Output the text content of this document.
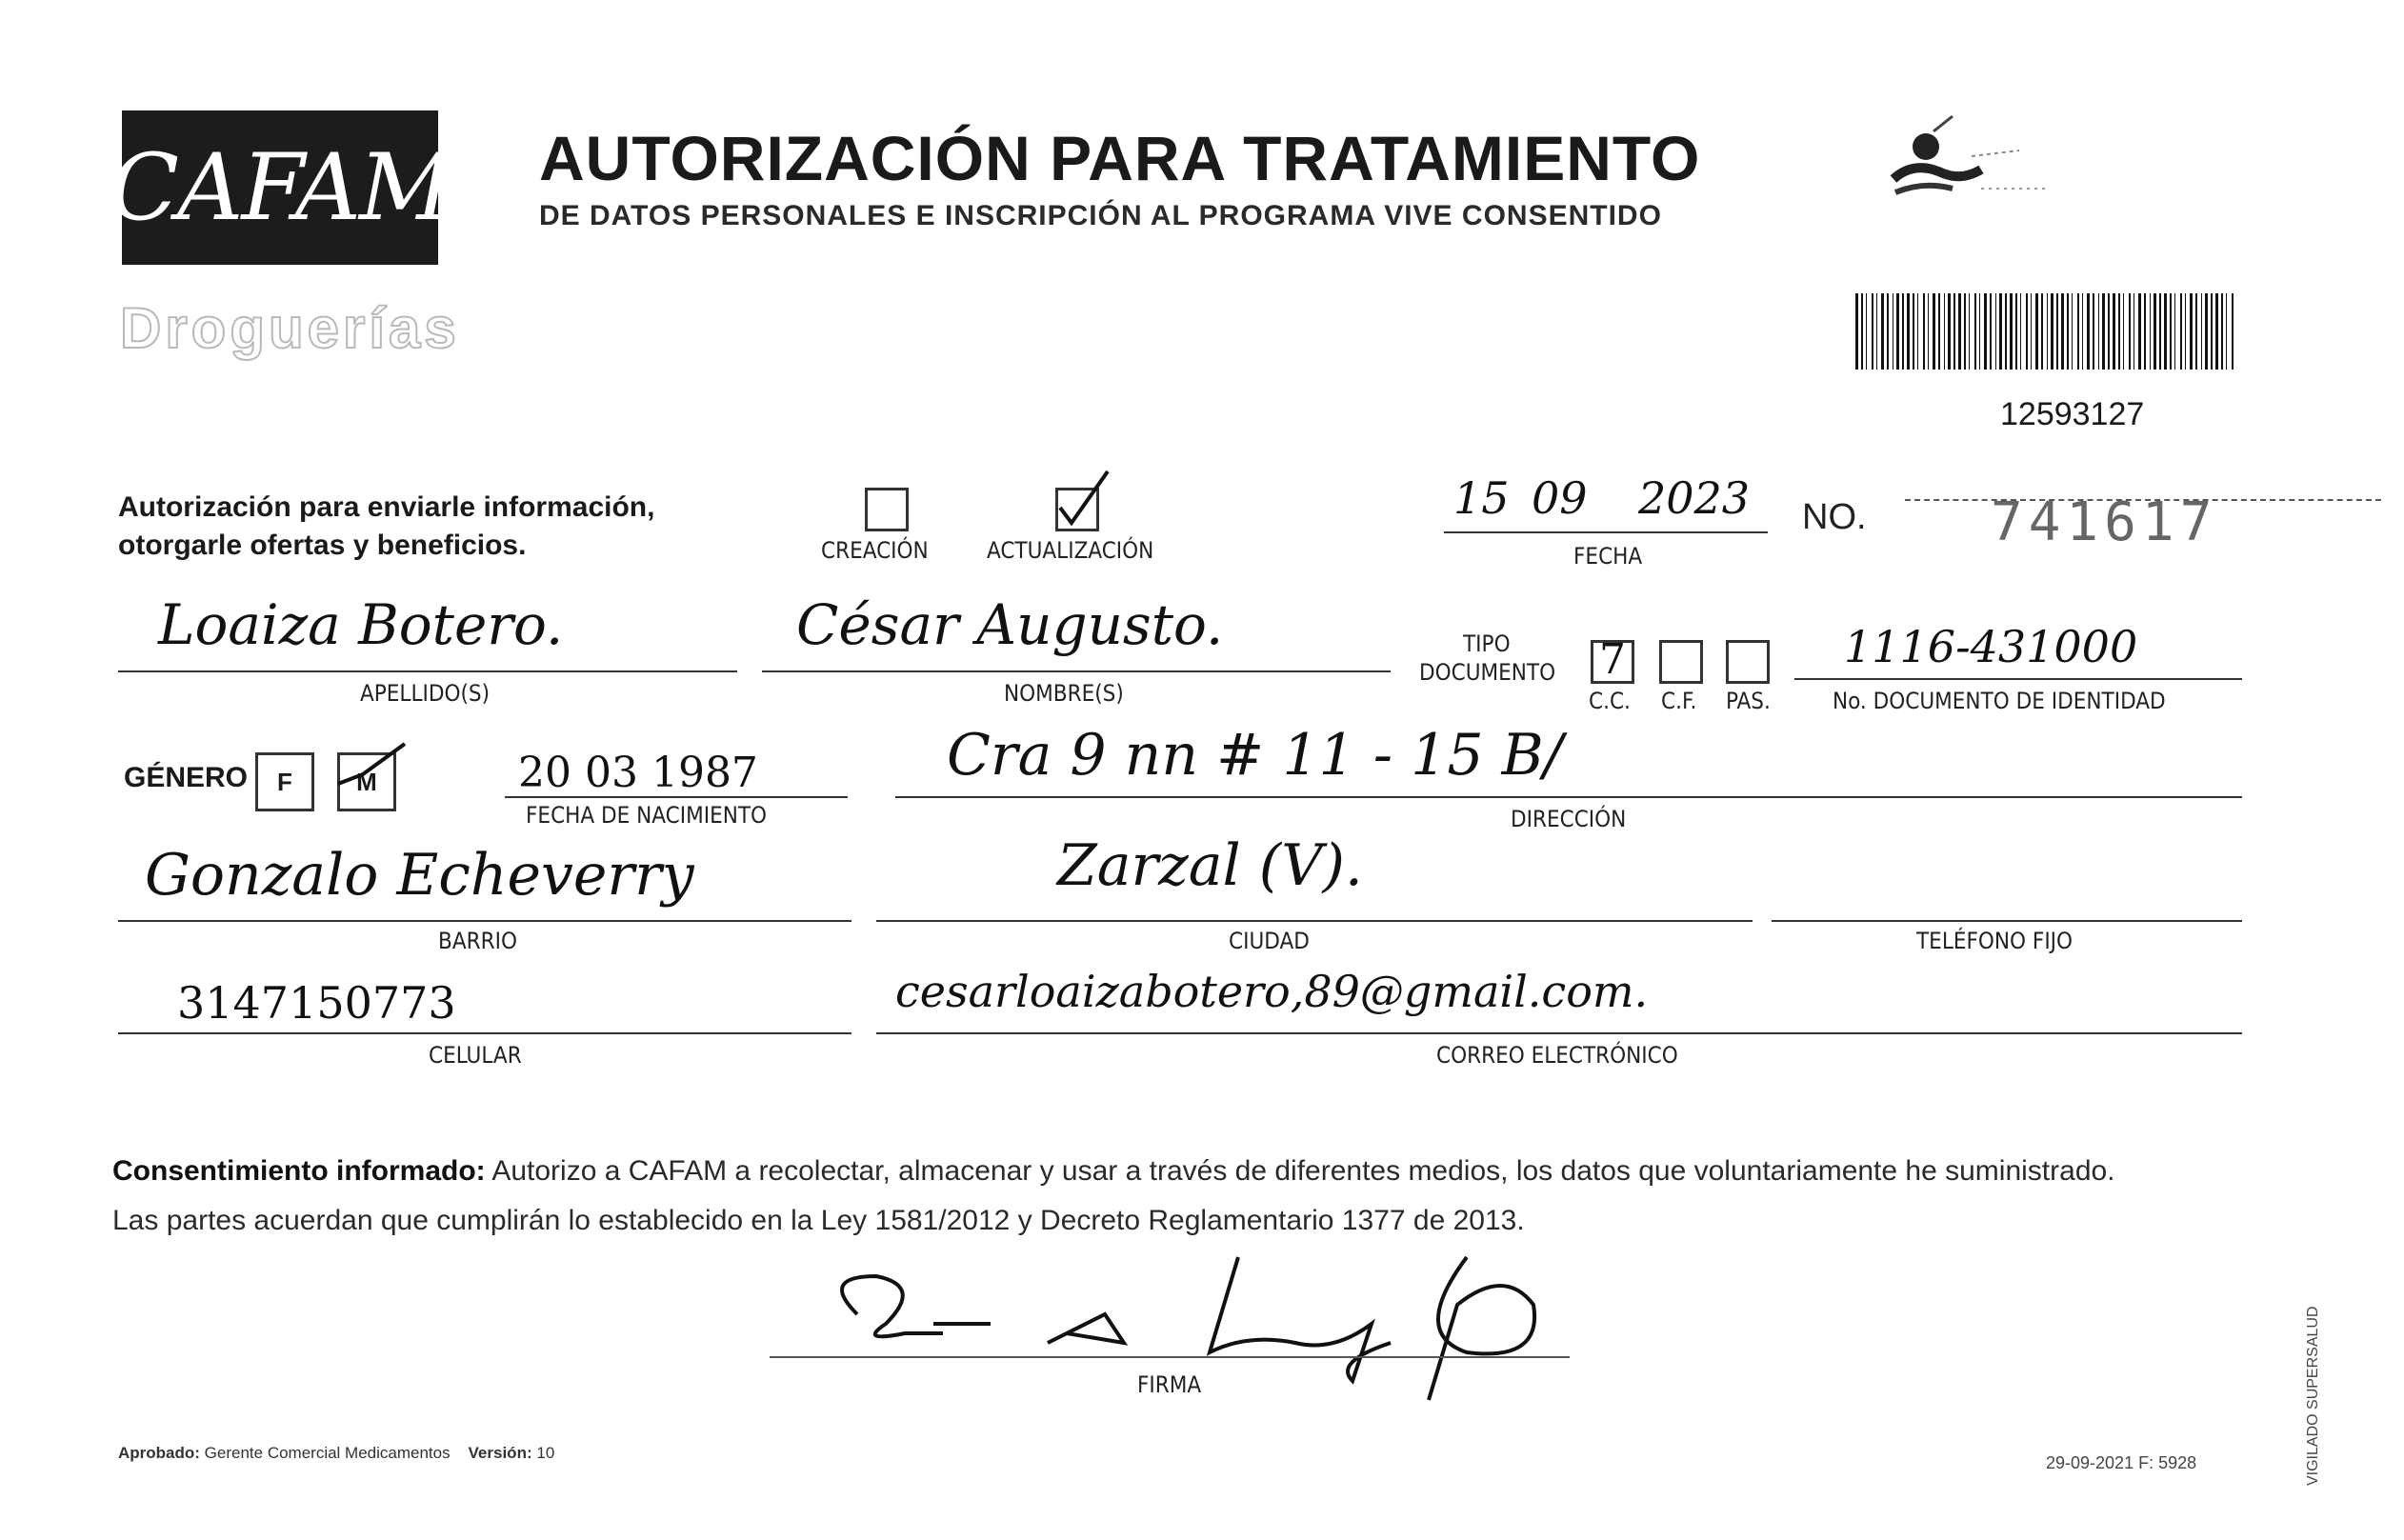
CAFAM
Droguerías
AUTORIZACIÓN PARA TRATAMIENTO
DE DATOS PERSONALES E INSCRIPCIÓN AL PROGRAMA VIVE CONSENTIDO
12593127
Autorización para enviarle información,
otorgarle ofertas y beneficios.	CREACIÓN	ACTUALIZACIÓN
15 09 2023
FECHA
NO. 741617
Loaiza Botero.
APELLIDO(S)
César Augusto.
NOMBRE(S)
TIPO
DOCUMENTO 7
C.C. C.F. PAS.
1116-431000
No. DOCUMENTO DE IDENTIDAD
GÉNERO F	M	20 03 1987
FECHA DE NACIMIENTO
Cra 9 nn # 11 - 15 B/
DIRECCIÓN
Gonzalo Echeverry
BARRIO
Zarzal (V).
CIUDAD	TELÉFONO FIJO
3147150773
CELULAR
cesarloaizabotero,89@gmail.com.
CORREO ELECTRÓNICO
Consentimiento informado: Autorizo a CAFAM a recolectar, almacenar y usar a través de diferentes medios, los datos que voluntariamente he suministrado.
Las partes acuerdan que cumplirán lo establecido en la Ley 1581/2012 y Decreto Reglamentario 1377 de 2013.
FIRMA
Aprobado: Gerente Comercial Medicamentos Versión: 10
29-09-2021 F: 5928	VIGILADO SUPERSALUD
